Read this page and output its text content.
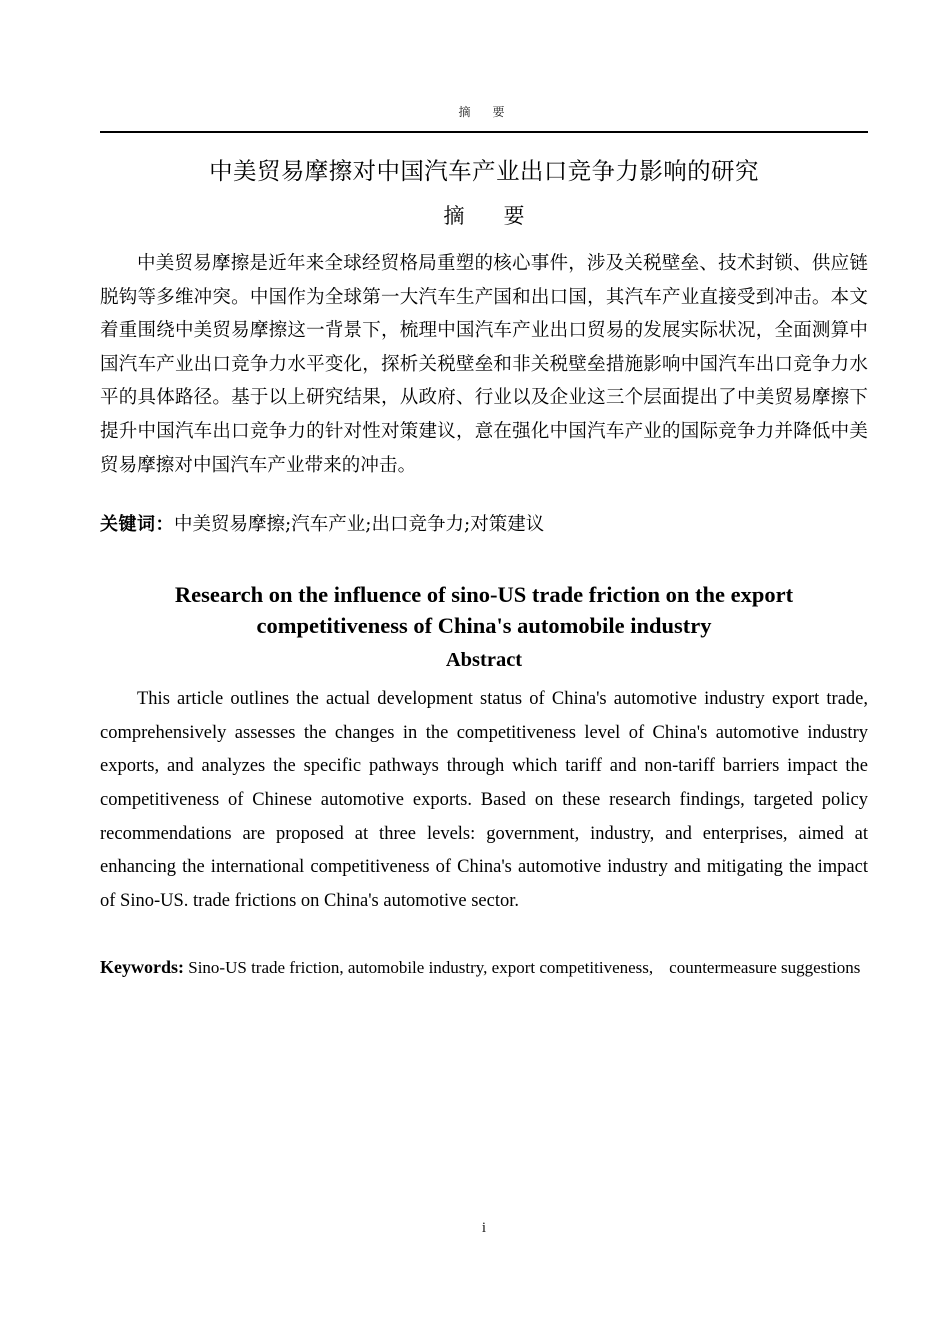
摘　要
中美贸易摩擦对中国汽车产业出口竞争力影响的研究
摘　要

中美贸易摩擦是近年来全球经贸格局重塑的核心事件，涉及关税壁垒、技术封锁、供应链脱钩等多维冲突。中国作为全球第一大汽车生产国和出口国，其汽车产业直接受到冲击。本文着重围绕中美贸易摩擦这一背景下，梳理中国汽车产业出口贸易的发展实际状况，全面测算中国汽车产业出口竞争力水平变化，探析关税壁垒和非关税壁垒措施影响中国汽车出口竞争力水平的具体路径。基于以上研究结果，从政府、行业以及企业这三个层面提出了中美贸易摩擦下提升中国汽车出口竞争力的针对性对策建议，意在强化中国汽车产业的国际竞争力并降低中美贸易摩擦对中国汽车产业带来的冲击。

关键词：中美贸易摩擦;汽车产业;出口竞争力;对策建议

Research on the influence of sino-US trade friction on the export competitiveness of China's automobile industry
Abstract

This article outlines the actual development status of China's automotive industry export trade, comprehensively assesses the changes in the competitiveness level of China's automotive industry exports, and analyzes the specific pathways through which tariff and non-tariff barriers impact the competitiveness of Chinese automotive exports. Based on these research findings, targeted policy recommendations are proposed at three levels: government, industry, and enterprises, aimed at enhancing the international competitiveness of China's automotive industry and mitigating the impact of Sino-US. trade frictions on China's automotive sector.

Keywords: Sino-US trade friction, automobile industry, export competitiveness, countermeasure suggestions

i
